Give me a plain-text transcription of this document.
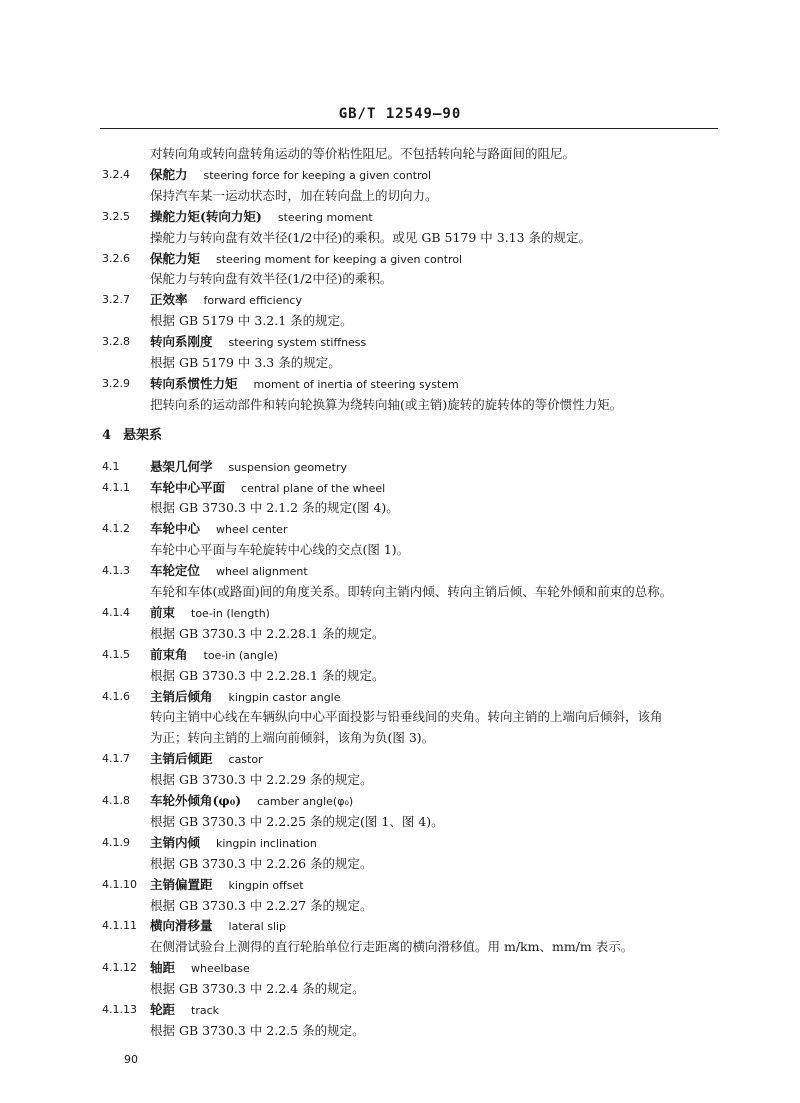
GB/T 12549—90
对转向角或转向盘转角运动的等价粘性阻尼。不包括转向轮与路面间的阻尼。
3.2.4 保舵力 steering force for keeping a given control
保持汽车某一运动状态时，加在转向盘上的切向力。
3.2.5 操舵力矩(转向力矩) steering moment
操舵力与转向盘有效半径(1/2中径)的乘积。或见 GB 5179 中 3.13 条的规定。
3.2.6 保舵力矩 steering moment for keeping a given control
保舵力与转向盘有效半径(1/2中径)的乘积。
3.2.7 正效率 forward efficiency
根据 GB 5179 中 3.2.1 条的规定。
3.2.8 转向系刚度 steering system stiffness
根据 GB 5179 中 3.3 条的规定。
3.2.9 转向系惯性力矩 moment of inertia of steering system
把转向系的运动部件和转向轮换算为绕转向轴(或主销)旋转的旋转体的等价惯性力矩。
4 悬架系
4.1 悬架几何学 suspension geometry
4.1.1 车轮中心平面 central plane of the wheel
根据 GB 3730.3 中 2.1.2 条的规定(图 4)。
4.1.2 车轮中心 wheel center
车轮中心平面与车轮旋转中心线的交点(图 1)。
4.1.3 车轮定位 wheel alignment
车轮和车体(或路面)间的角度关系。即转向主销内倾、转向主销后倾、车轮外倾和前束的总称。
4.1.4 前束 toe-in (length)
根据 GB 3730.3 中 2.2.28.1 条的规定。
4.1.5 前束角 toe-in (angle)
根据 GB 3730.3 中 2.2.28.1 条的规定。
4.1.6 主销后倾角 kingpin castor angle
转向主销中心线在车辆纵向中心平面投影与铅垂线间的夹角。转向主销的上端向后倾斜，该角
为正；转向主销的上端向前倾斜，该角为负(图 3)。
4.1.7 主销后倾距 castor
根据 GB 3730.3 中 2.2.29 条的规定。
4.1.8 车轮外倾角(φ₀) camber angle(φ₀)
根据 GB 3730.3 中 2.2.25 条的规定(图 1、图 4)。
4.1.9 主销内倾 kingpin inclination
根据 GB 3730.3 中 2.2.26 条的规定。
4.1.10 主销偏置距 kingpin offset
根据 GB 3730.3 中 2.2.27 条的规定。
4.1.11 横向滑移量 lateral slip
在侧滑试验台上测得的直行轮胎单位行走距离的横向滑移值。用 m/km、mm/m 表示。
4.1.12 轴距 wheelbase
根据 GB 3730.3 中 2.2.4 条的规定。
4.1.13 轮距 track
根据 GB 3730.3 中 2.2.5 条的规定。
90
